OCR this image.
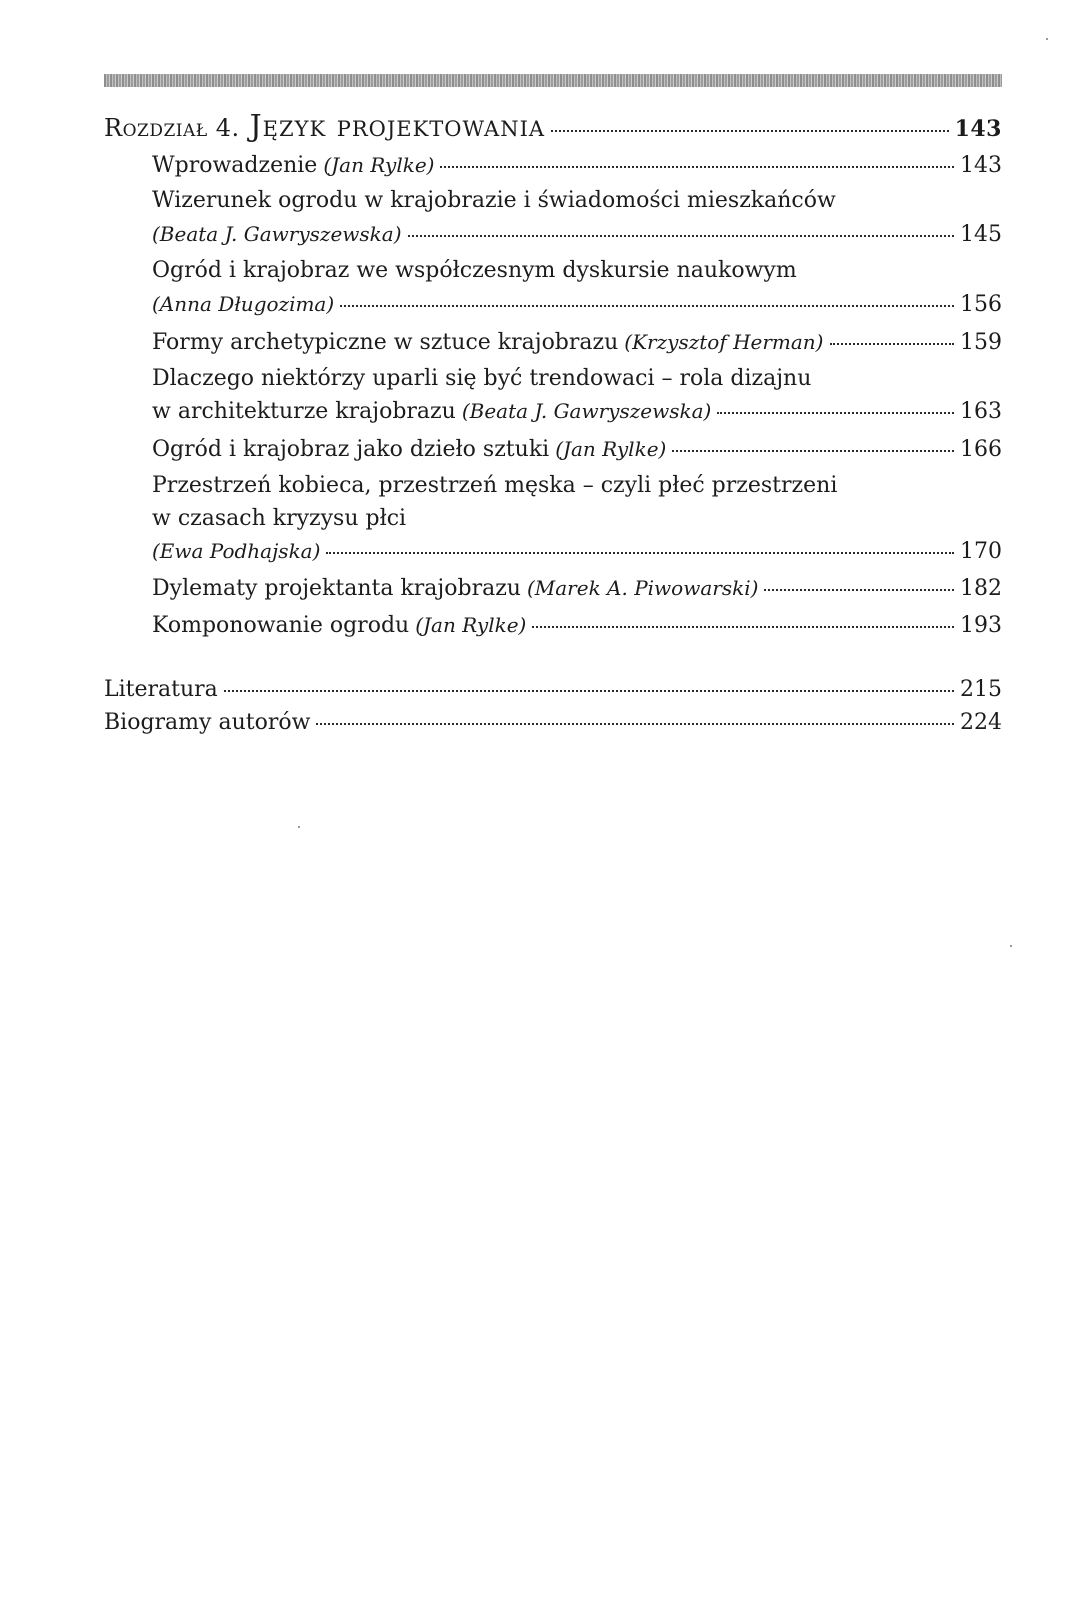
Rozdział 4. Język projektowania	143
Wprowadzenie (Jan Rylke)	143
Wizerunek ogrodu w krajobrazie i świadomości mieszkańców
(Beata J. Gawryszewska)	145
Ogród i krajobraz we współczesnym dyskursie naukowym
(Anna Długozima)	156
Formy archetypiczne w sztuce krajobrazu (Krzysztof Herman)	159
Dlaczego niektórzy uparli się być trendowaci – rola dizajnu
w architekturze krajobrazu (Beata J. Gawryszewska)	163
Ogród i krajobraz jako dzieło sztuki (Jan Rylke)	166
Przestrzeń kobieca, przestrzeń męska – czyli płeć przestrzeni
w czasach kryzysu płci
(Ewa Podhajska)	170
Dylematy projektanta krajobrazu (Marek A. Piwowarski)	182
Komponowanie ogrodu (Jan Rylke)	193
Literatura	215
Biogramy autorów	224
